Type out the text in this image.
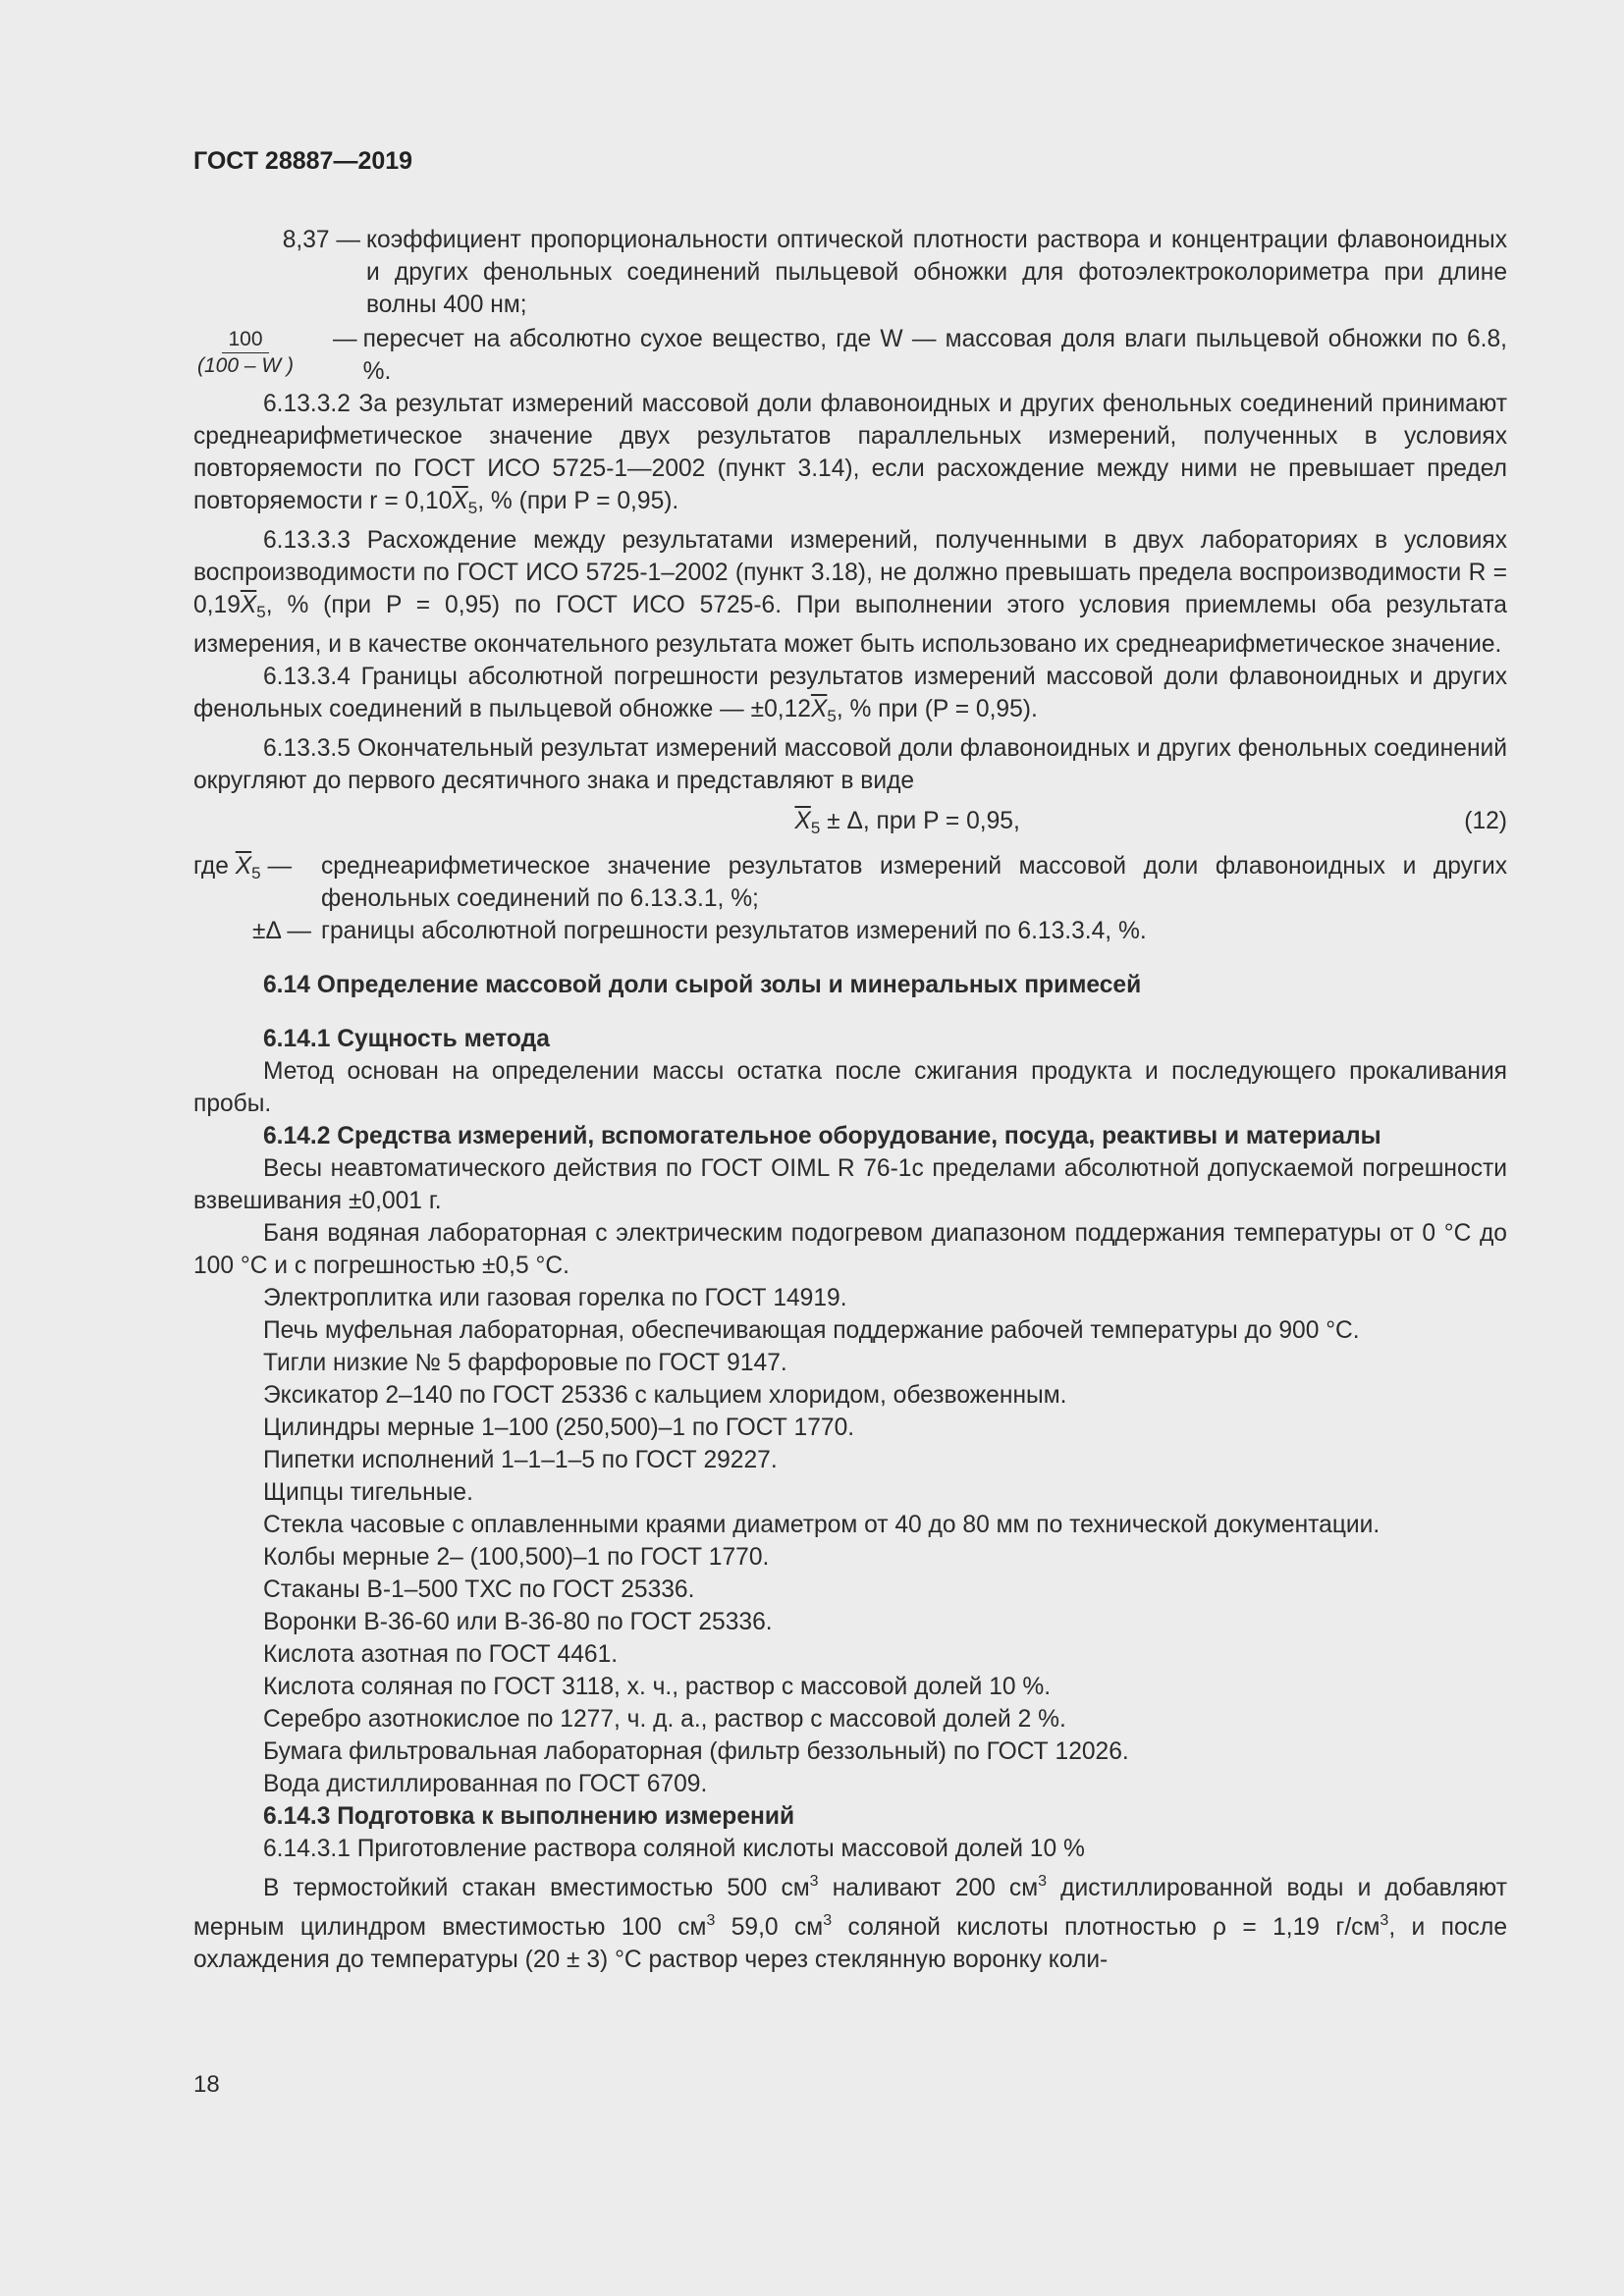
ГОСТ 28887—2019
8,37 — коэффициент пропорциональности оптической плотности раствора и концентрации флавоноидных и других фенольных соединений пыльцевой обножки для фотоэлектроколориметра при длине волны 400 нм;
$\frac{100}{(100 - W )}$	— пересчет на абсолютно сухое вещество, где W — массовая доля влаги пыльцевой обножки по 6.8, %.

6.13.3.2 За результат измерений массовой доли флавоноидных и других фенольных соединений принимают среднеарифметическое значение двух результатов параллельных измерений, полученных в условиях повторяемости по ГОСТ ИСО 5725-1—2002 (пункт 3.14), если расхождение между ними не превышает предел повторяемости $r = 0,10\overline{X}_5$, % (при P = 0,95).

6.13.3.3 Расхождение между результатами измерений, полученными в двух лабораториях в условиях воспроизводимости по ГОСТ ИСО 5725-1–2002 (пункт 3.18), не должно превышать предела воспроизводимости $R = 0,19\overline{X}_5$, % (при P = 0,95) по ГОСТ ИСО 5725-6. При выполнении этого условия приемлемы оба результата измерения, и в качестве окончательного результата может быть использовано их среднеарифметическое значение.

6.13.3.4 Границы абсолютной погрешности результатов измерений массовой доли флавоноидных и других фенольных соединений в пыльцевой обножке — $\pm 0,12\overline{X}_5$, % при (P = 0,95).

6.13.3.5 Окончательный результат измерений массовой доли флавоноидных и других фенольных соединений округляют до первого десятичного знака и представляют в виде

$\overline{X}_5 \pm \Delta$, при P = 0,95,	(12)
где $\overline{X}_5$ —	среднеарифметическое значение результатов измерений массовой доли флавоноидных и других фенольных соединений по 6.13.3.1, %;
±Δ — границы абсолютной погрешности результатов измерений по 6.13.3.4, %.

6.14 Определение массовой доли сырой золы и минеральных примесей

6.14.1 Сущность метода

Метод основан на определении массы остатка после сжигания продукта и последующего прокаливания пробы.

6.14.2 Средства измерений, вспомогательное оборудование, посуда, реактивы и материалы

Весы неавтоматического действия по ГОСТ OIML R 76-1с пределами абсолютной допускаемой погрешности взвешивания ±0,001 г.

Баня водяная лабораторная с электрическим подогревом диапазоном поддержания температуры от 0 °С до 100 °С и с погрешностью ±0,5 °С.

Электроплитка или газовая горелка по ГОСТ 14919.

Печь муфельная лабораторная, обеспечивающая поддержание рабочей температуры до 900 °С.

Тигли низкие № 5 фарфоровые по ГОСТ 9147.

Эксикатор 2–140 по ГОСТ 25336 с кальцием хлоридом, обезвоженным.

Цилиндры мерные 1–100 (250,500)–1 по ГОСТ 1770.

Пипетки исполнений 1–1–1–5 по ГОСТ 29227.

Щипцы тигельные.

Стекла часовые с оплавленными краями диаметром от 40 до 80 мм по технической документации.

Колбы мерные 2– (100,500)–1 по ГОСТ 1770.

Стаканы В-1–500 ТХС по ГОСТ 25336.

Воронки В-36-60 или В-36-80 по ГОСТ 25336.

Кислота азотная по ГОСТ 4461.

Кислота соляная по ГОСТ 3118, х. ч., раствор с массовой долей 10 %.

Серебро азотнокислое по 1277, ч. д. а., раствор с массовой долей 2 %.

Бумага фильтровальная лабораторная (фильтр беззольный) по ГОСТ 12026.

Вода дистиллированная по ГОСТ 6709.

6.14.3 Подготовка к выполнению измерений

6.14.3.1 Приготовление раствора соляной кислоты массовой долей 10 %

В термостойкий стакан вместимостью 500 $см^3$ наливают 200 $см^3$ дистиллированной воды и добавляют мерным цилиндром вместимостью 100 $см^3$ 59,0 $см^3$ соляной кислоты плотностью ρ = 1,19 $г/см^3$, и после охлаждения до температуры (20 ± 3) °С раствор через стеклянную воронку коли-

18
